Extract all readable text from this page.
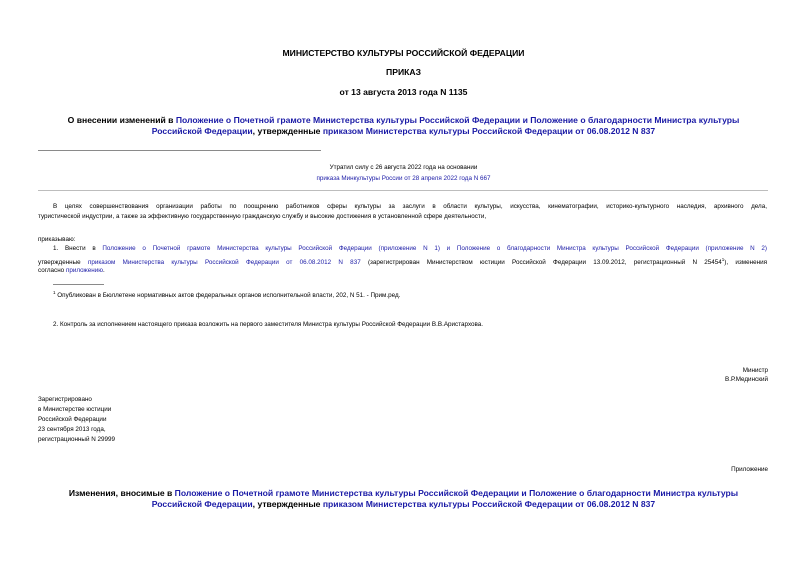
МИНИСТЕРСТВО КУЛЬТУРЫ РОССИЙСКОЙ ФЕДЕРАЦИИ
ПРИКАЗ
от 13 августа 2013 года N 1135
О внесении изменений в Положение о Почетной грамоте Министерства культуры Российской Федерации и Положение о благодарности Министра культуры
Российской Федерации, утвержденные приказом Министерства культуры Российской Федерации от 06.08.2012 N 837
Утратил силу с 26 августа 2022 года на основании
приказа Минкультуры России от 28 апреля 2022 года N 667
В целях совершенствования организации работы по поощрению работников сферы культуры за заслуги в области культуры, искусства, кинематографии, историко-культурного наследия, архивного дела,
туристической индустрии, а также за эффективную государственную гражданскую службу и высокие достижения в установленной сфере деятельности,
приказываю:
1. Внести в Положение о Почетной грамоте Министерства культуры Российской Федерации (приложение N 1) и Положение о благодарности Министра культуры Российской Федерации (приложение N 2)
утвержденные приказом Министерства культуры Российской Федерации от 06.08.2012 N 837 (зарегистрирован Министерством юстиции Российской Федерации 13.09.2012, регистрационный N 25454$^1$), изменения
согласно приложению.
$^1$ Опубликован в Бюллетене нормативных актов федеральных органов исполнительной власти, 202, N 51. - Прим.ред.
2. Контроль за исполнением настоящего приказа возложить на первого заместителя Министра культуры Российской Федерации В.В.Аристархова.
Министр
В.Р.Мединский
Зарегистрировано
в Министерстве юстиции
Российской Федерации
23 сентября 2013 года,
регистрационный N 29999
Приложение
Изменения, вносимые в Положение о Почетной грамоте Министерства культуры Российской Федерации и Положение о благодарности Министра культуры
Российской Федерации, утвержденные приказом Министерства культуры Российской Федерации от 06.08.2012 N 837
